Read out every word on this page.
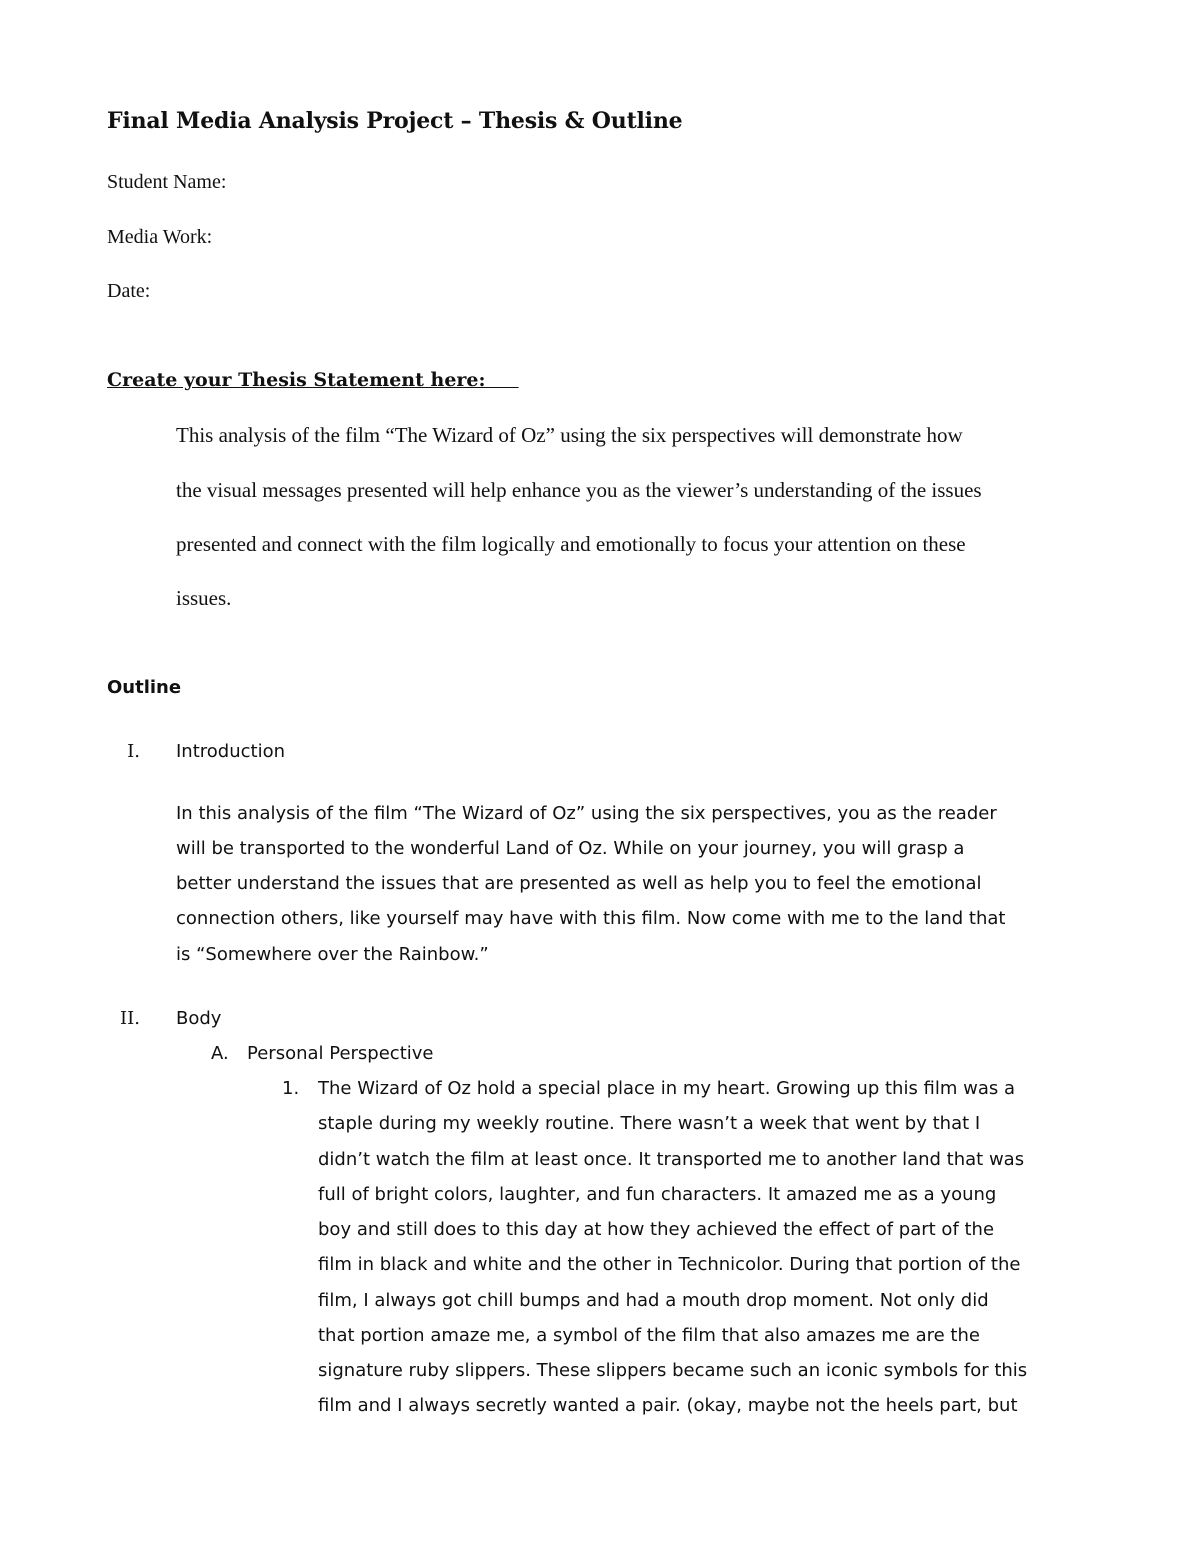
Final Media Analysis Project – Thesis & Outline
Student Name:
Media Work:
Date:
Create your Thesis Statement here:
This analysis of the film “The Wizard of Oz” using the six perspectives will demonstrate how
the visual messages presented will help enhance you as the viewer’s understanding of the issues
presented and connect with the film logically and emotionally to focus your attention on these
issues.
Outline
I. Introduction
In this analysis of the film “The Wizard of Oz” using the six perspectives, you as the reader
will be transported to the wonderful Land of Oz. While on your journey, you will grasp a
better understand the issues that are presented as well as help you to feel the emotional
connection others, like yourself may have with this film. Now come with me to the land that
is “Somewhere over the Rainbow.”
II. Body
A. Personal Perspective
1. The Wizard of Oz hold a special place in my heart. Growing up this film was a
staple during my weekly routine. There wasn’t a week that went by that I
didn’t watch the film at least once. It transported me to another land that was
full of bright colors, laughter, and fun characters. It amazed me as a young
boy and still does to this day at how they achieved the effect of part of the
film in black and white and the other in Technicolor. During that portion of the
film, I always got chill bumps and had a mouth drop moment. Not only did
that portion amaze me, a symbol of the film that also amazes me are the
signature ruby slippers. These slippers became such an iconic symbols for this
film and I always secretly wanted a pair. (okay, maybe not the heels part, but
